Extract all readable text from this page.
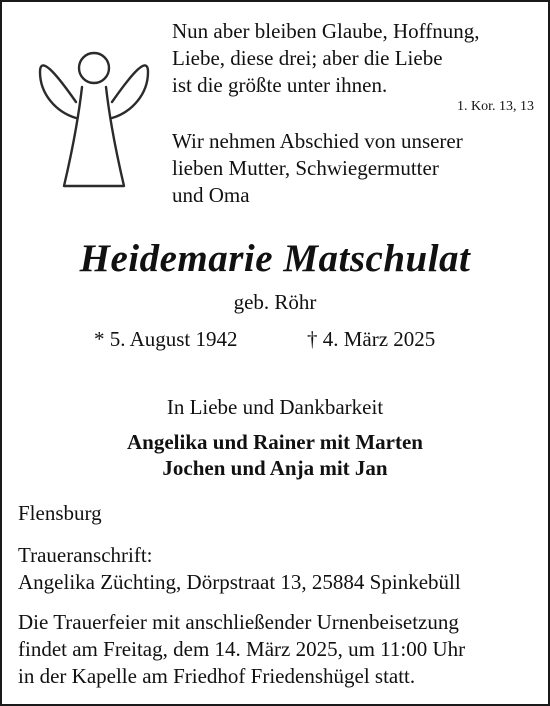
Nun aber bleiben Glaube, Hoffnung,
Liebe, diese drei; aber die Liebe
ist die größte unter ihnen.
1. Kor. 13, 13
Wir nehmen Abschied von unserer
lieben Mutter, Schwiegermutter
und Oma
Heidemarie Matschulat
geb. Röhr
* 5. August 1942	† 4. März 2025
In Liebe und Dankbarkeit
Angelika und Rainer mit Marten
Jochen und Anja mit Jan
Flensburg
Traueranschrift:
Angelika Züchting, Dörpstraat 13, 25884 Spinkebüll
Die Trauerfeier mit anschließender Urnenbeisetzung
findet am Freitag, dem 14. März 2025, um 11:00 Uhr
in der Kapelle am Friedhof Friedenshügel statt.
